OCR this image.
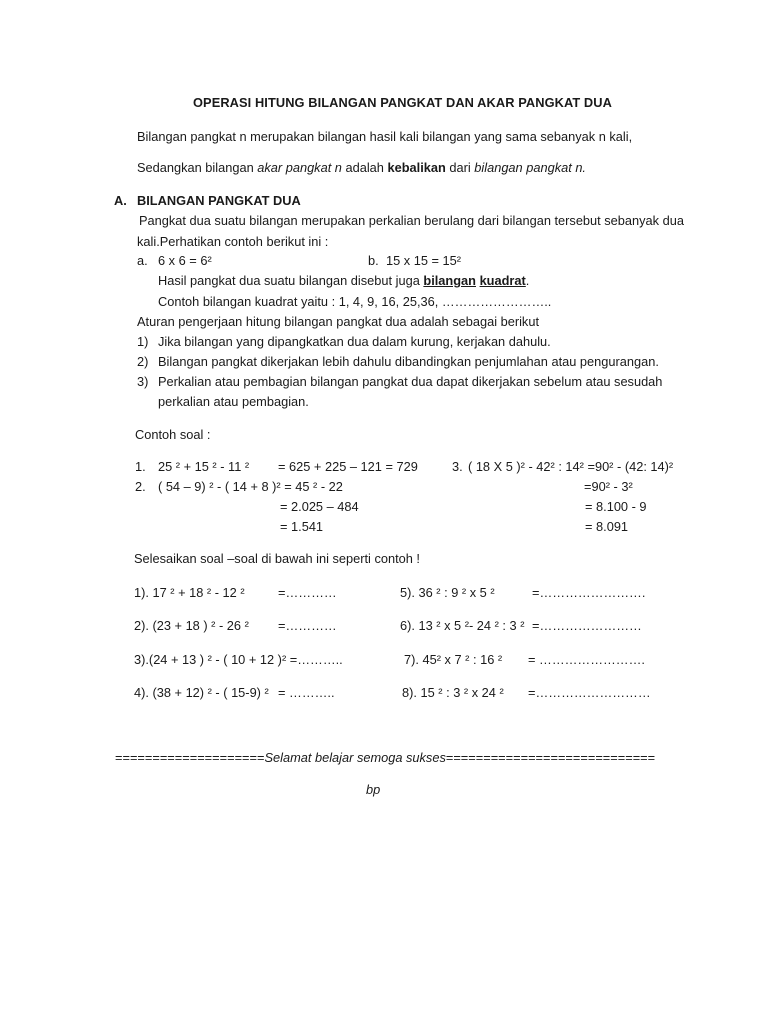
OPERASI HITUNG BILANGAN PANGKAT DAN AKAR PANGKAT DUA
Bilangan pangkat n merupakan bilangan hasil kali bilangan yang sama sebanyak n kali,
Sedangkan bilangan akar pangkat n adalah kebalikan dari bilangan pangkat n.
A. BILANGAN PANGKAT DUA
Pangkat dua suatu bilangan merupakan perkalian berulang dari bilangan tersebut sebanyak dua
kali.Perhatikan contoh berikut ini :
a. 6 x 6 = 6²	b. 15 x 15 = 15²
Hasil pangkat dua suatu bilangan disebut juga bilangan kuadrat.
Contoh bilangan kuadrat yaitu : 1, 4, 9, 16, 25,36, ……………………..
Aturan pengerjaan hitung bilangan pangkat dua adalah sebagai berikut
1) Jika bilangan yang dipangkatkan dua dalam kurung, kerjakan dahulu.
2) Bilangan pangkat dikerjakan lebih dahulu dibandingkan penjumlahan atau pengurangan.
3) Perkalian atau pembagian bilangan pangkat dua dapat dikerjakan sebelum atau sesudah
perkalian atau pembagian.
Contoh soal :
1. 25 ² + 15 ² - 11 ² = 625 + 225 – 121 = 729
2. ( 54 – 9) ² - ( 14 + 8 )² = 45 ² - 22
= 2.025 – 484
= 1.541
3. ( 18 X 5 )² - 42² : 14² =90² - (42: 14)²
=90² - 3²
= 8.100 - 9
= 8.091
Selesaikan soal –soal di bawah ini seperti contoh !
1). 17 ² + 18 ² - 12 ²	=…………
2). (23 + 18 ) ² - 26 ² =…………
3).(24 + 13 ) ² - ( 10 + 12 )² =………..
4). (38 + 12) ² - ( 15-9) ² = ………..
5). 36 ² : 9 ² x 5 ²	=…………………….
6). 13 ² x 5 ²- 24 ² : 3 ² =……………………
7). 45² x 7 ² : 16 ² = …………………….
8). 15 ² : 3 ² x 24 ² =………………………
====================Selamat belajar semoga sukses============================
bp
